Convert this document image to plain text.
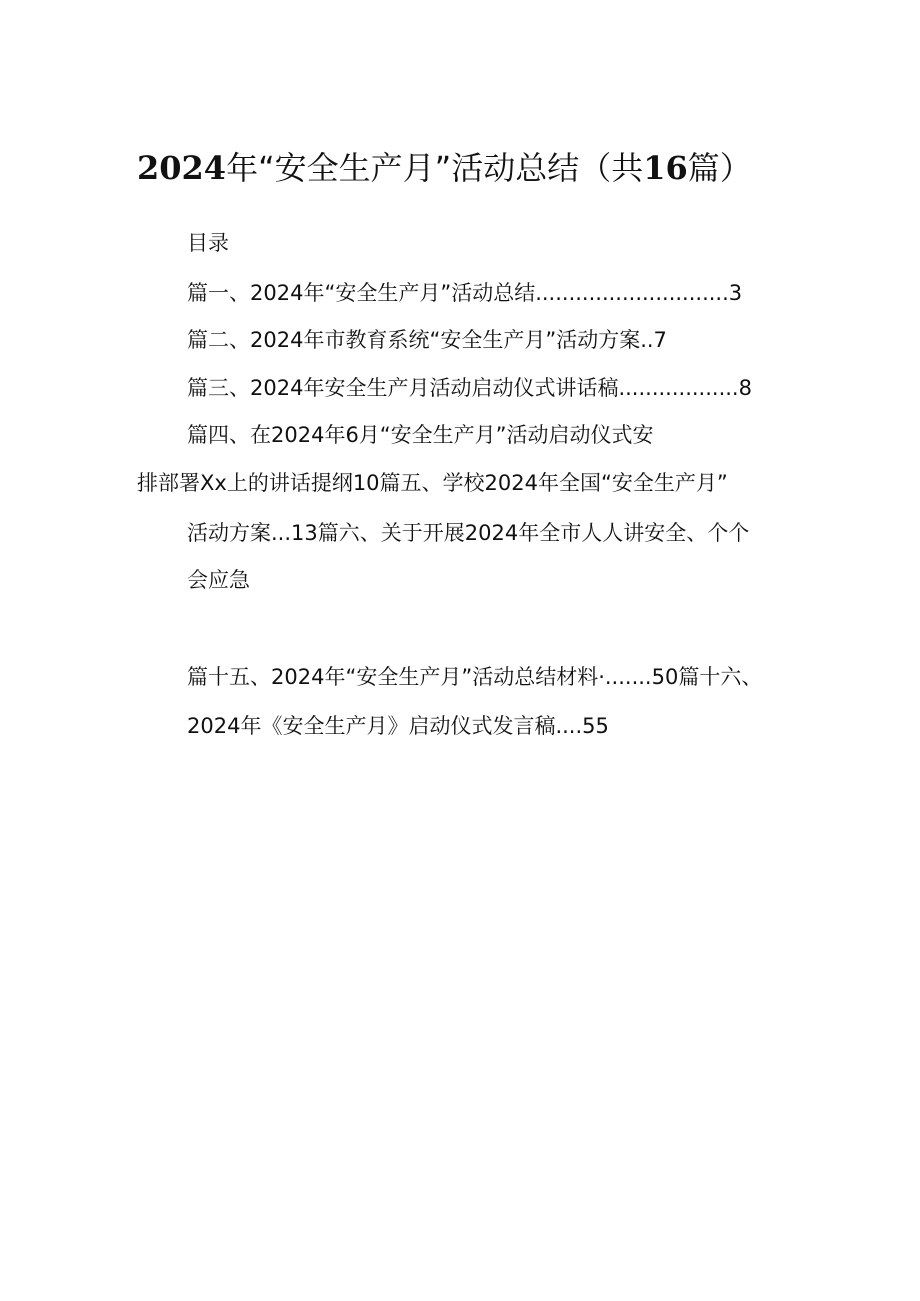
2024年“安全生产月”活动总结（共16篇）
目录
篇一、2024年“安全生产月”活动总结.............................3
篇二、2024年市教育系统“安全生产月”活动方案..7
篇三、2024年安全生产月活动启动仪式讲话稿..................8
篇四、在2024年6月“安全生产月”活动启动仪式安
排部署Xx上的讲话提纲10篇五、学校2024年全国“安全生产月”
活动方案...13篇六、关于开展2024年全市人人讲安全、个个
会应急
篇十五、2024年“安全生产月”活动总结材料·.......50篇十六、
2024年《安全生产月》启动仪式发言稿....55
